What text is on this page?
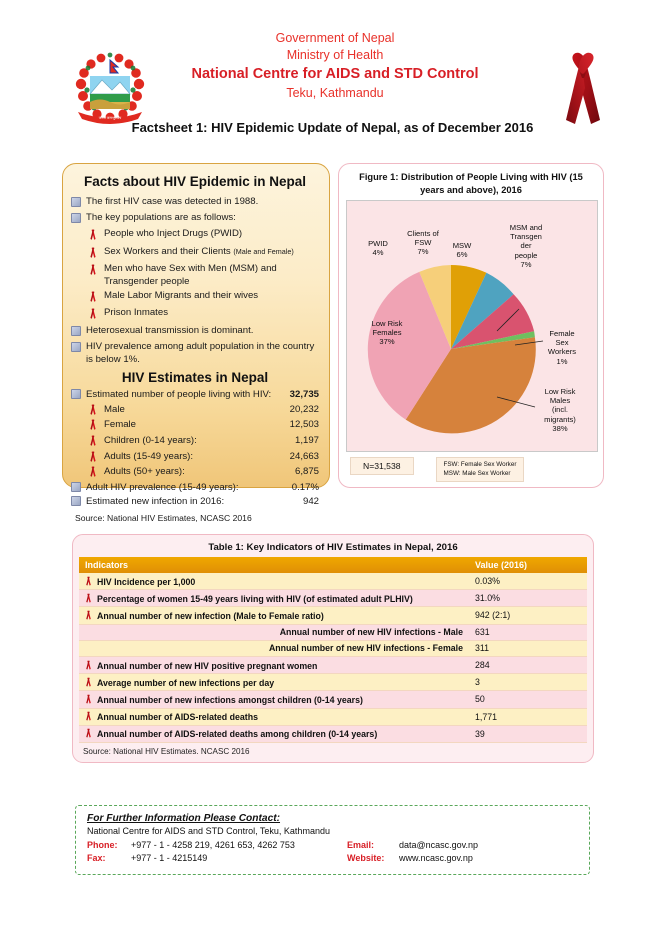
जननी जन्मभूमिश्च
Government of Nepal
Ministry of Health
National Centre for AIDS and STD Control
Teku, Kathmandu
Factsheet 1: HIV Epidemic Update of Nepal, as of December 2016
Facts about HIV Epidemic in Nepal
The first HIV case was detected in 1988.
The key populations are as follows:
People who Inject Drugs (PWID)
Sex Workers and their Clients (Male and Female)
Men who have Sex with Men (MSM) and Transgender people
Male Labor Migrants and their wives
Prison Inmates
Heterosexual transmission is dominant.
HIV prevalence among adult population in the country is below 1%.
HIV Estimates in Nepal
Estimated number of people living with HIV:	32,735
Male	20,232
Female	12,503
Children (0-14 years):	1,197
Adults (15-49 years):	24,663
Adults (50+ years):	6,875
Adult HIV prevalence (15-49 years):	0.17%
Estimated new infection in 2016:	942
Source: National HIV Estimates, NCASC 2016
Figure 1: Distribution of People Living with HIV (15 years and above), 2016
PWID
4%
Clients of FSW
7%
MSW
6%
MSM and
Transgen
der
people
7%
Female
Sex
Workers
1%
Low Risk
Females
37%
Low Risk
Males
(incl.
migrants)
38%
N=31,538	FSW: Female Sex Worker
MSW: Male Sex Worker
Table 1: Key Indicators of HIV Estimates in Nepal, 2016
Indicators	Value (2016)
HIV Incidence per 1,000	0.03%
Percentage of women 15-49 years living with HIV (of estimated adult PLHIV)	31.0%
Annual number of new infection (Male to Female ratio)	942 (2:1)
Annual number of new HIV infections - Male	631
Annual number of new HIV infections - Female	311
Annual number of new HIV positive pregnant women	284
Average number of new infections per day	3
Annual number of new infections amongst children (0-14 years)	50
Annual number of AIDS-related deaths	1,771
Annual number of AIDS-related deaths among children (0-14 years)	39
Source: National HIV Estimates. NCASC 2016
For Further Information Please Contact:
National Centre for AIDS and STD Control, Teku, Kathmandu
Phone:	+977 - 1 - 4258 219, 4261 653, 4262 753	Email:	data@ncasc.gov.np
Fax:	+977 - 1 - 4215149	Website:	www.ncasc.gov.np
